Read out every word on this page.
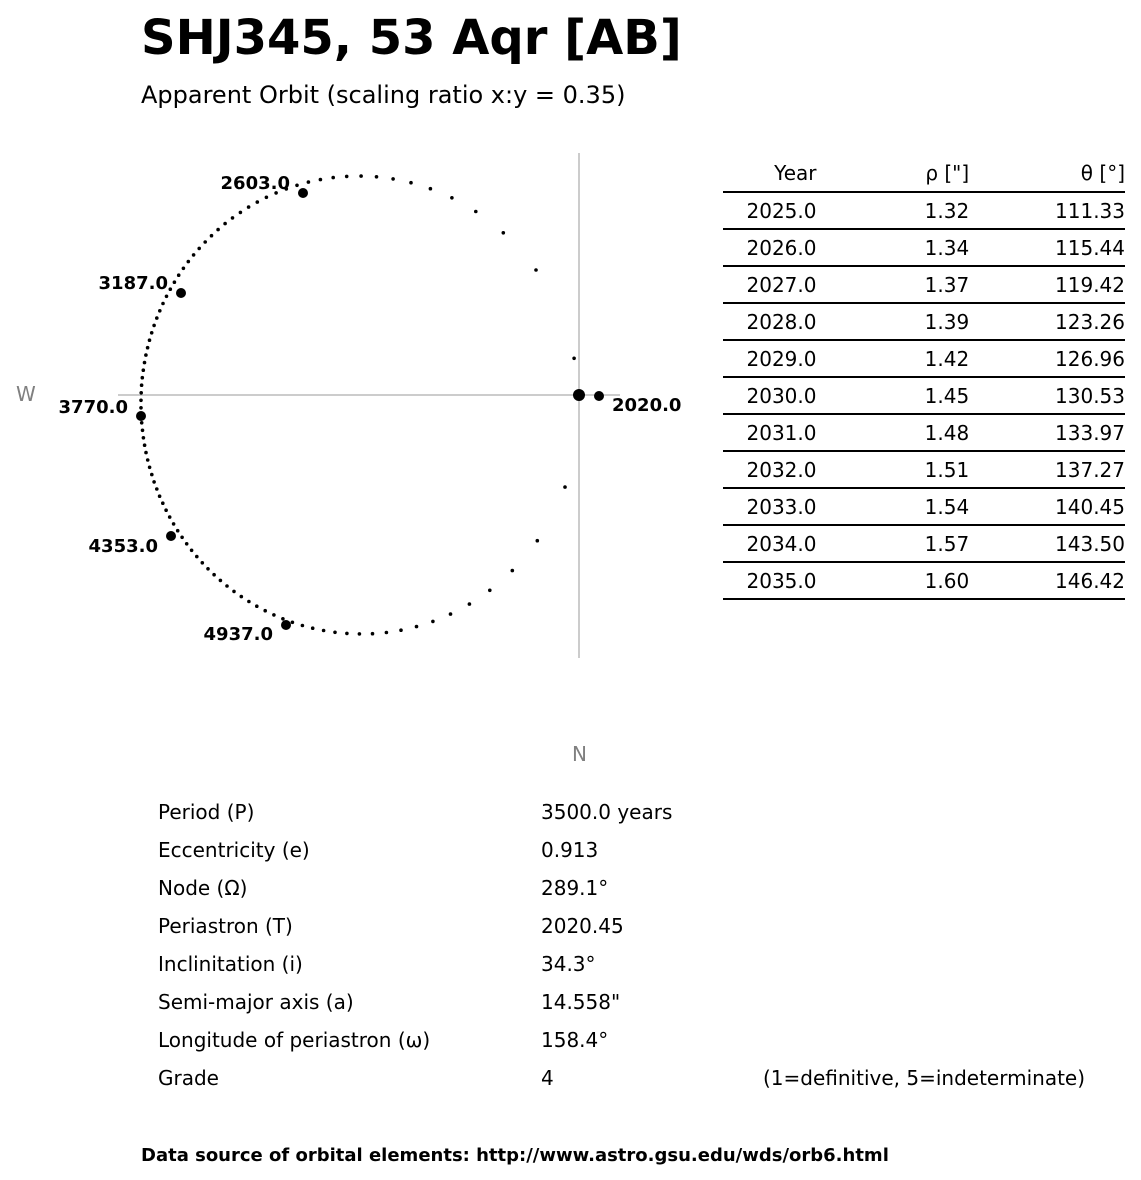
SHJ345, 53 Aqr [AB]
Apparent Orbit (scaling ratio x:y = 0.35)
W
N
2020.0
2603.0
3187.0
3770.0
4353.0
4937.0
Year	ρ ["]	θ [°]
2025.0	1.32	111.33
2026.0	1.34	115.44
2027.0	1.37	119.42
2028.0	1.39	123.26
2029.0	1.42	126.96
2030.0	1.45	130.53
2031.0	1.48	133.97
2032.0	1.51	137.27
2033.0	1.54	140.45
2034.0	1.57	143.50
2035.0	1.60	146.42
Period (P)	3500.0 years
Eccentricity (e)	0.913
Node (Ω)	289.1°
Periastron (T)	2020.45
Inclinitation (i)	34.3°
Semi-major axis (a)	14.558"
Longitude of periastron (ω)	158.4°
Grade	4	(1=definitive, 5=indeterminate)
Data source of orbital elements: http://www.astro.gsu.edu/wds/orb6.html
